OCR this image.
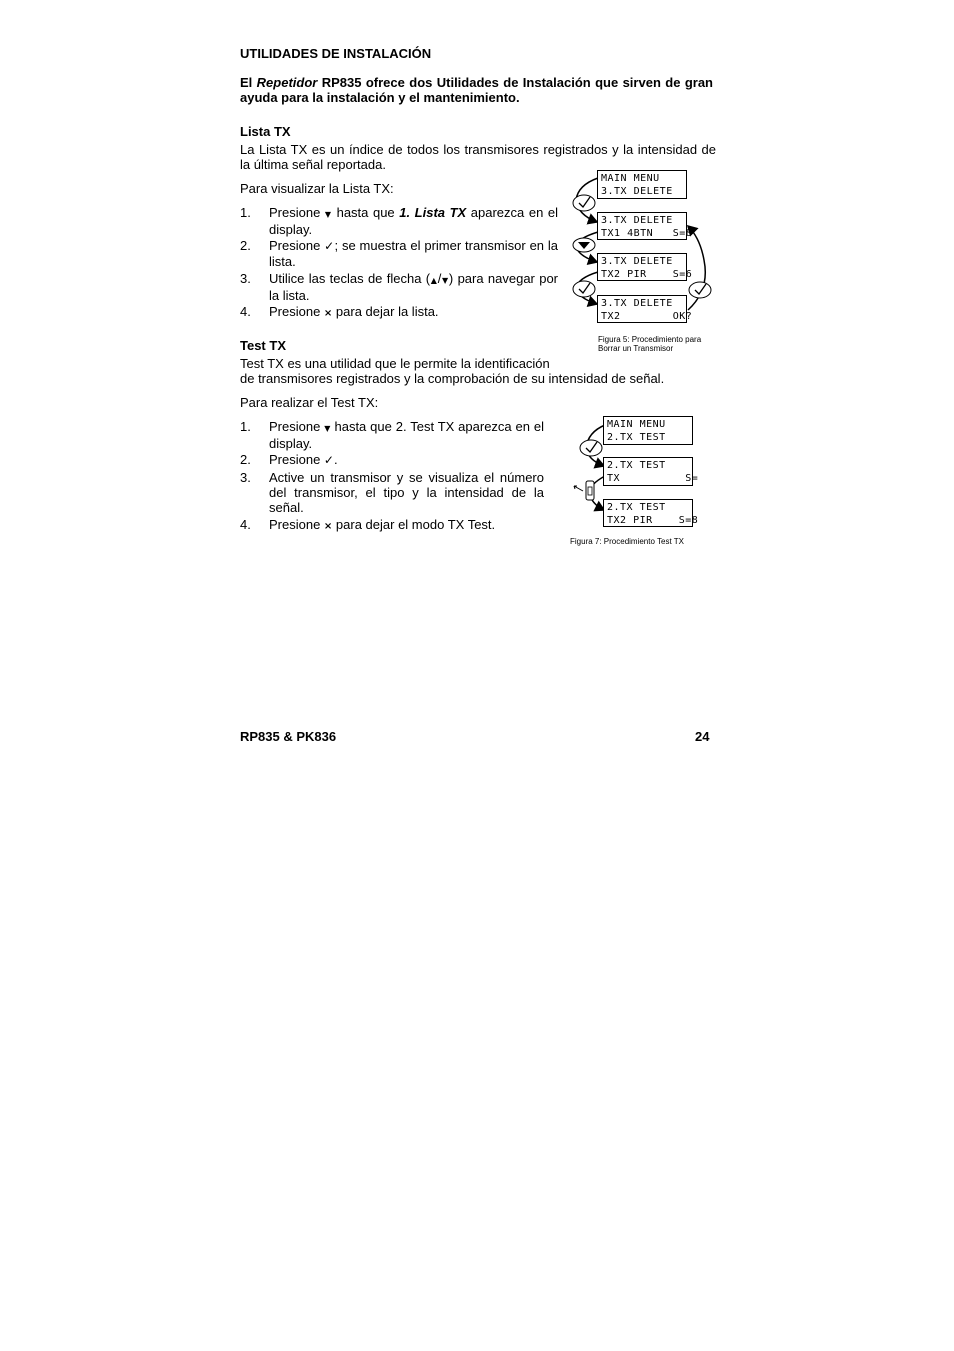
UTILIDADES DE INSTALACIÓN
El Repetidor RP835 ofrece dos Utilidades de Instalación que sirven de gran ayuda para la instalación y el mantenimiento.
Lista TX
La Lista TX es un índice de todos los transmisores registrados y la intensidad de la última señal reportada.
Para visualizar la Lista TX:
1. Presione ▼ hasta que 1. Lista TX aparezca en el display.
2. Presione ✓; se muestra el primer transmisor en la lista.
3. Utilice las teclas de flecha (▲/▼) para navegar por la lista.
4. Presione × para dejar la lista.
MAIN MENU
3.TX DELETE
3.TX DELETE
TX1 4BTN   S=8
3.TX DELETE
TX2 PIR    S=6
3.TX DELETE
TX2        OK?
Figura 5: Procedimiento para
Borrar un Transmisor
Test TX
Test TX es una utilidad que le permite la identificación
de transmisores registrados y la comprobación de su intensidad de señal.
Para realizar el Test TX:
1. Presione ▼ hasta que 2. Test TX aparezca en el display.
2. Presione ✓.
3. Active un transmisor y se visualiza el número del transmisor, el tipo y la intensidad de la señal.
4. Presione × para dejar el modo TX Test.
MAIN MENU
2.TX TEST
2.TX TEST
TX          S=
2.TX TEST
TX2 PIR    S=8
Figura 7: Procedimiento Test TX
RP835 & PK836	24
